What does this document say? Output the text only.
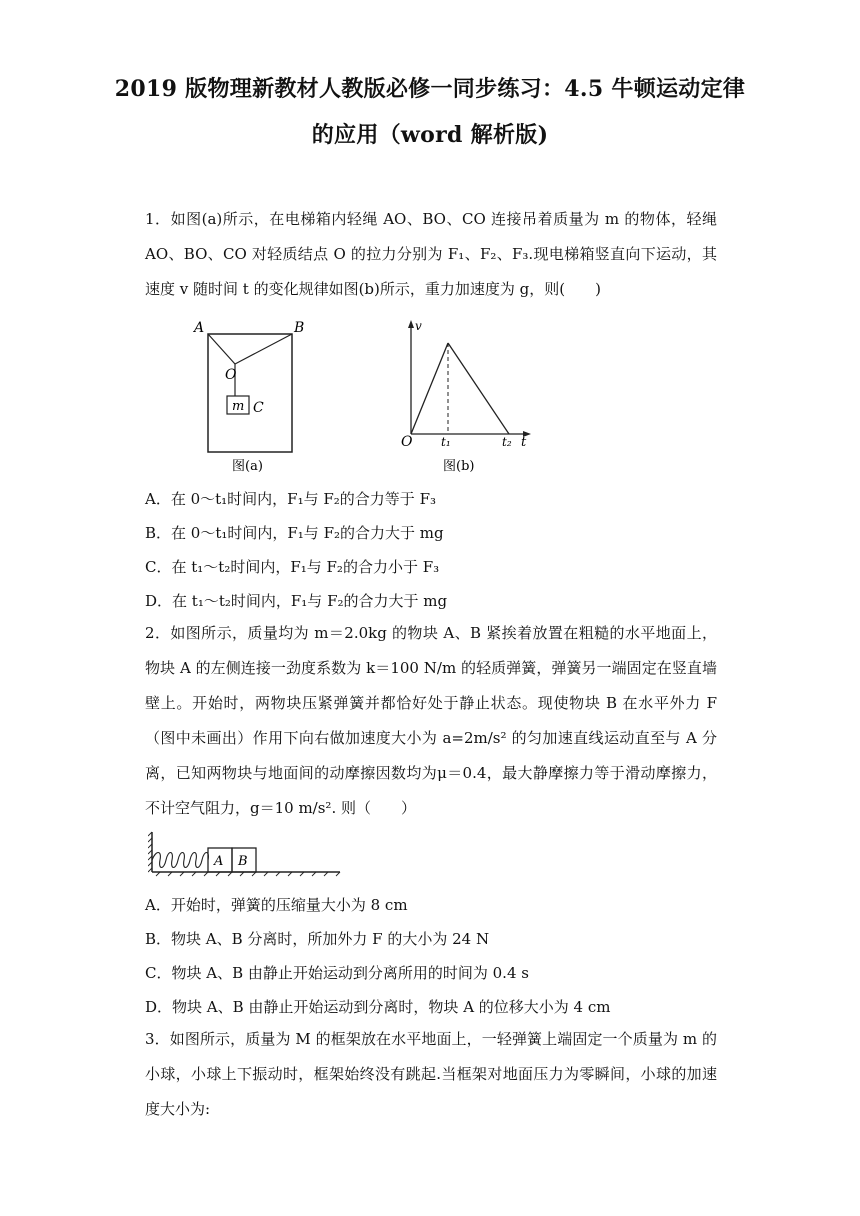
2019 版物理新教材人教版必修一同步练习：4.5 牛顿运动定律
的应用（word 解析版)
1．如图(a)所示，在电梯箱内轻绳 AO、BO、CO 连接吊着质量为 m 的物体，轻绳 AO、BO、CO 对轻质结点 O 的拉力分别为 F₁、F₂、F₃.现电梯箱竖直向下运动，其速度 v 随时间 t 的变化规律如图(b)所示，重力加速度为 g，则(　　)
A	B
O
m C
图(a)
v
t
O t₁	t₂
图(b)
A．在 0～t₁时间内，F₁与 F₂的合力等于 F₃
B．在 0～t₁时间内，F₁与 F₂的合力大于 mg
C．在 t₁～t₂时间内，F₁与 F₂的合力小于 F₃
D．在 t₁～t₂时间内，F₁与 F₂的合力大于 mg
2．如图所示，质量均为 m＝2.0kg 的物块 A、B 紧挨着放置在粗糙的水平地面上，物块 A 的左侧连接一劲度系数为 k＝100 N/m 的轻质弹簧，弹簧另一端固定在竖直墙壁上。开始时，两物块压紧弹簧并都恰好处于静止状态。现使物块 B 在水平外力 F（图中未画出）作用下向右做加速度大小为 a=2m/s² 的匀加速直线运动直至与 A 分离，已知两物块与地面间的动摩擦因数均为μ＝0.4，最大静摩擦力等于滑动摩擦力，不计空气阻力，g＝10 m/s². 则（　　）
A B
A．开始时，弹簧的压缩量大小为 8 cm
B．物块 A、B 分离时，所加外力 F 的大小为 24 N
C．物块 A、B 由静止开始运动到分离所用的时间为 0.4 s
D．物块 A、B 由静止开始运动到分离时，物块 A 的位移大小为 4 cm
3．如图所示，质量为 M 的框架放在水平地面上，一轻弹簧上端固定一个质量为 m 的小球，小球上下振动时，框架始终没有跳起.当框架对地面压力为零瞬间，小球的加速度大小为:
